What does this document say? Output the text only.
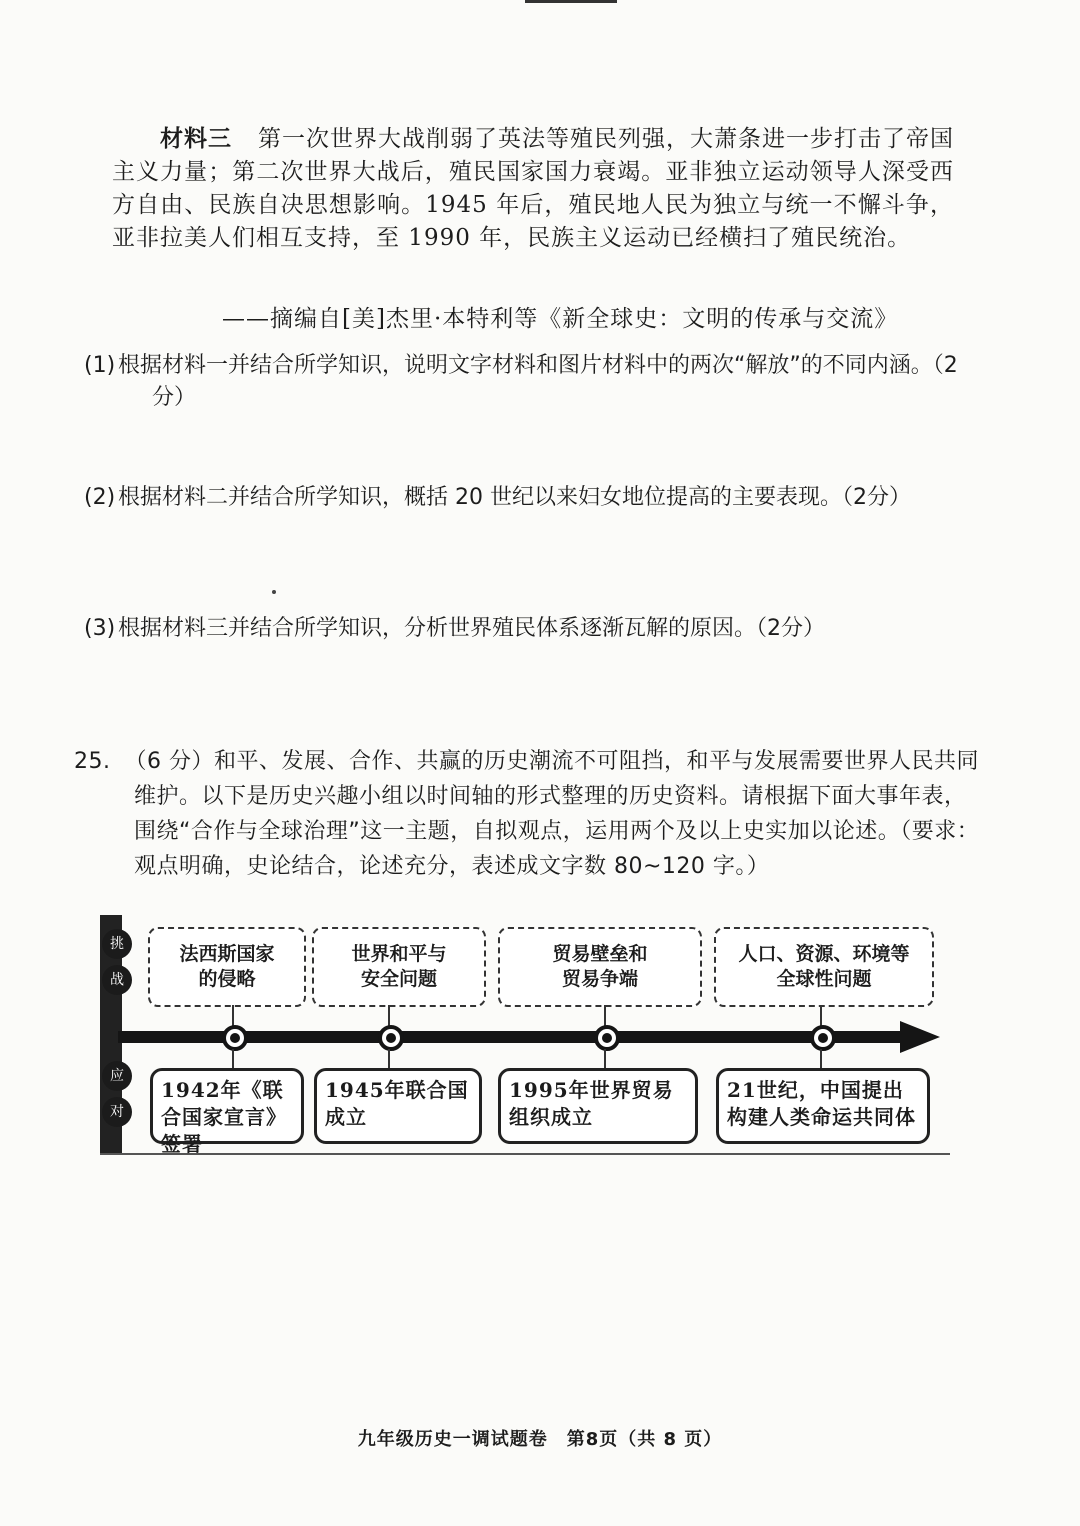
材料三 第一次世界大战削弱了英法等殖民列强，大萧条进一步打击了帝国主义力量；第二次世界大战后，殖民国家国力衰竭。亚非独立运动领导人深受西方自由、民族自决思想影响。1945 年后，殖民地人民为独立与统一不懈斗争，亚非拉美人们相互支持，至 1990 年，民族主义运动已经横扫了殖民统治。
——摘编自[美]杰里·本特利等《新全球史：文明的传承与交流》
(1) 根据材料一并结合所学知识，说明文字材料和图片材料中的两次“解放”的不同内涵。（2分）
(2) 根据材料二并结合所学知识，概括 20 世纪以来妇女地位提高的主要表现。（2分）
(3) 根据材料三并结合所学知识，分析世界殖民体系逐渐瓦解的原因。（2分）
25. （6 分）和平、发展、合作、共赢的历史潮流不可阻挡，和平与发展需要世界人民共同维护。以下是历史兴趣小组以时间轴的形式整理的历史资料。请根据下面大事年表，围绕“合作与全球治理”这一主题，自拟观点，运用两个及以上史实加以论述。（要求：观点明确，史论结合，论述充分，表述成文字数 80~120 字。）
挑
战
应
对
法西斯国家
的侵略
世界和平与
安全问题
贸易壁垒和
贸易争端
人口、资源、环境等
全球性问题
1942年《联合国家宣言》签署
1945年联合国成立
1995年世界贸易组织成立
21世纪，中国提出构建人类命运共同体
九年级历史一调试题卷　第8页（共 8 页）
